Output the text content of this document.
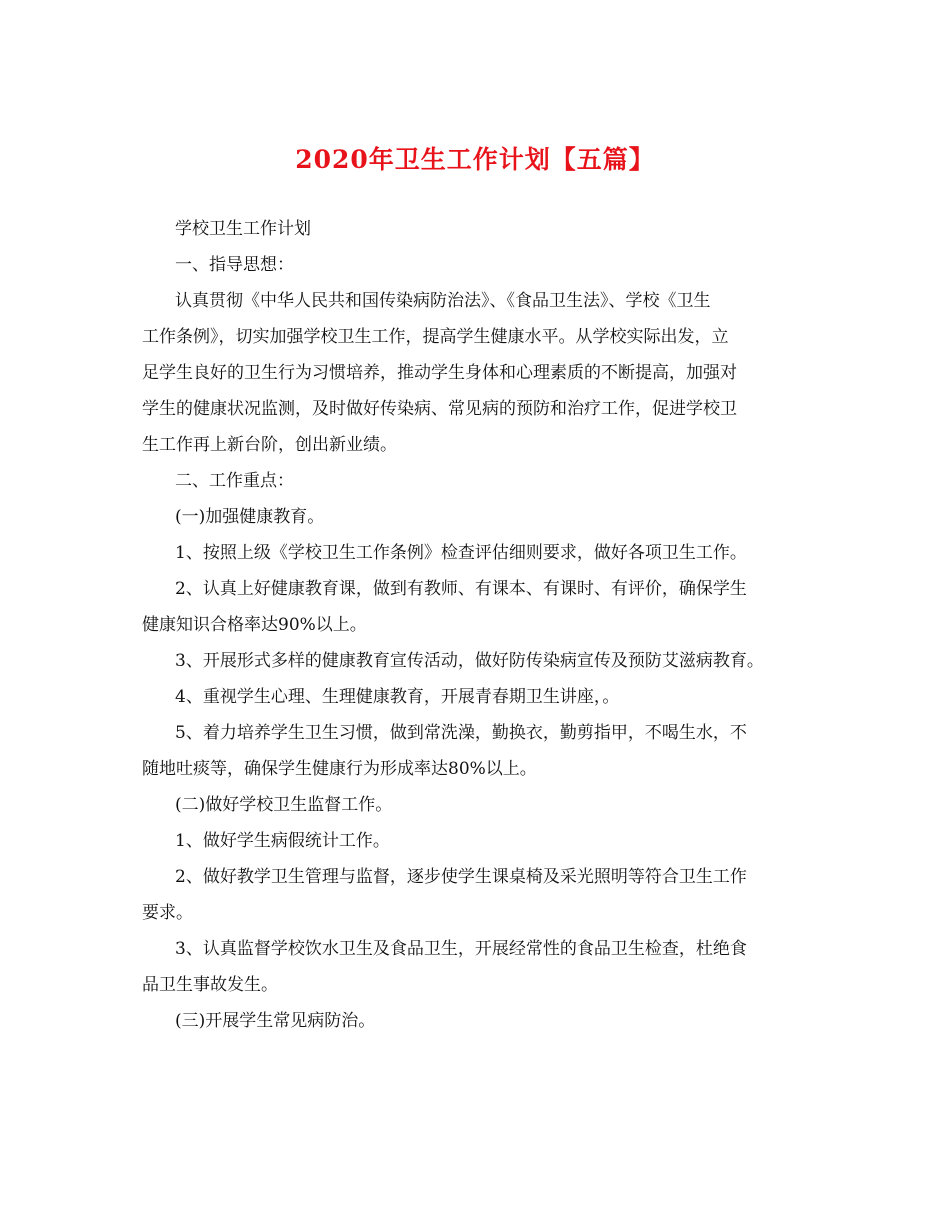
2020年卫生工作计划【五篇】

学校卫生工作计划

一、指导思想：

认真贯彻《中华人民共和国传染病防治法》、《食品卫生法》、学校《卫生

工作条例》，切实加强学校卫生工作，提高学生健康水平。从学校实际出发，立

足学生良好的卫生行为习惯培养，推动学生身体和心理素质的不断提高，加强对

学生的健康状况监测，及时做好传染病、常见病的预防和治疗工作，促进学校卫

生工作再上新台阶，创出新业绩。

二、工作重点：

(一)加强健康教育。

1、按照上级《学校卫生工作条例》检查评估细则要求，做好各项卫生工作。

2、认真上好健康教育课，做到有教师、有课本、有课时、有评价，确保学生

健康知识合格率达90%以上。

3、开展形式多样的健康教育宣传活动，做好防传染病宣传及预防艾滋病教育。

4、重视学生心理、生理健康教育，开展青春期卫生讲座，。

5、着力培养学生卫生习惯，做到常洗澡，勤换衣，勤剪指甲，不喝生水，不

随地吐痰等，确保学生健康行为形成率达80%以上。

(二)做好学校卫生监督工作。

1、做好学生病假统计工作。

2、做好教学卫生管理与监督，逐步使学生课桌椅及采光照明等符合卫生工作

要求。

3、认真监督学校饮水卫生及食品卫生，开展经常性的食品卫生检查，杜绝食

品卫生事故发生。

(三)开展学生常见病防治。
